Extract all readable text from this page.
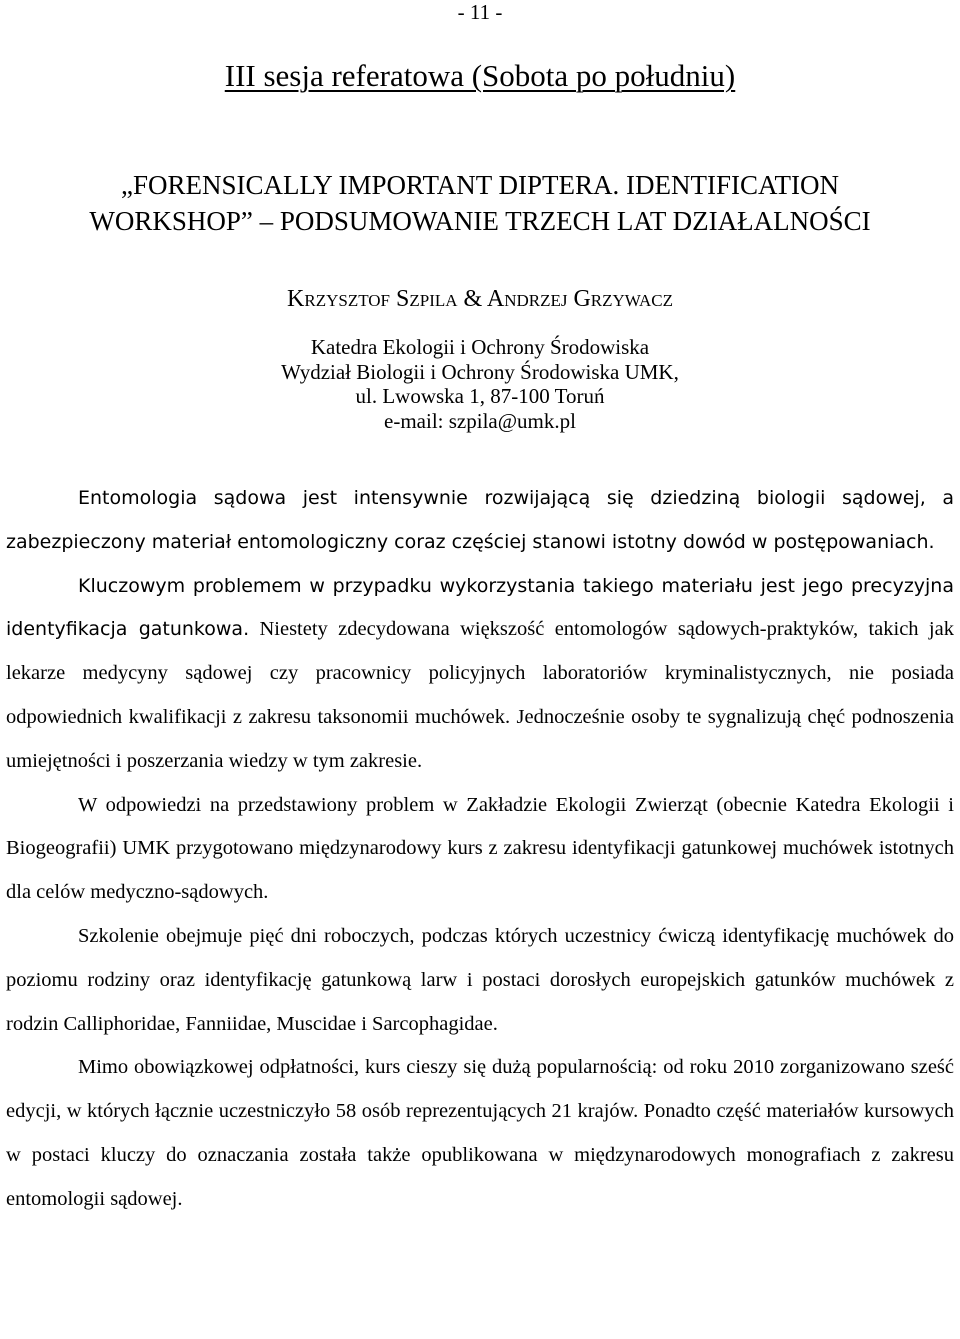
- 11 -
III sesja referatowa (Sobota po południu)
„FORENSICALLY IMPORTANT DIPTERA. IDENTIFICATION
WORKSHOP” – PODSUMOWANIE TRZECH LAT DZIAŁALNOŚCI
Krzysztof Szpila & Andrzej Grzywacz
Katedra Ekologii i Ochrony Środowiska
Wydział Biologii i Ochrony Środowiska UMK,
ul. Lwowska 1, 87-100 Toruń
e-mail: szpila@umk.pl

Entomologia sądowa jest intensywnie rozwijającą się dziedziną biologii sądowej, a zabezpieczony materiał entomologiczny coraz częściej stanowi istotny dowód w postępowaniach.

Kluczowym problemem w przypadku wykorzystania takiego materiału jest jego precyzyjna identyfikacja gatunkowa. Niestety zdecydowana większość entomologów sądowych-praktyków, takich jak lekarze medycyny sądowej czy pracownicy policyjnych laboratoriów kryminalistycznych, nie posiada odpowiednich kwalifikacji z zakresu taksonomii muchówek. Jednocześnie osoby te sygnalizują chęć podnoszenia umiejętności i poszerzania wiedzy w tym zakresie.

W odpowiedzi na przedstawiony problem w Zakładzie Ekologii Zwierząt (obecnie Katedra Ekologii i Biogeografii) UMK przygotowano międzynarodowy kurs z zakresu identyfikacji gatunkowej muchówek istotnych dla celów medyczno-sądowych.

Szkolenie obejmuje pięć dni roboczych, podczas których uczestnicy ćwiczą identyfikację muchówek do poziomu rodziny oraz identyfikację gatunkową larw i postaci dorosłych europejskich gatunków muchówek z rodzin Calliphoridae, Fanniidae, Muscidae i Sarcophagidae.

Mimo obowiązkowej odpłatności, kurs cieszy się dużą popularnością: od roku 2010 zorganizowano sześć edycji, w których łącznie uczestniczyło 58 osób reprezentujących 21 krajów. Ponadto część materiałów kursowych w postaci kluczy do oznaczania została także opublikowana w międzynarodowych monografiach z zakresu entomologii sądowej.
